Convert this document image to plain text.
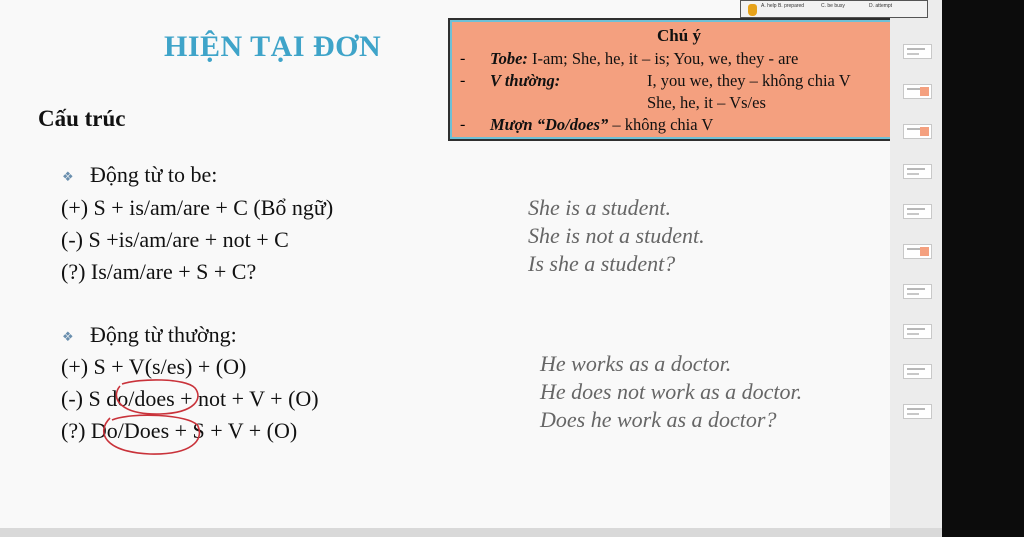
HIỆN TẠI ĐƠN
Cấu trúc
Chú ý
- Tobe: I-am; She, he, it – is; You, we, they - are
- V thường:	I, you we, they – không chia V
She, he, it – Vs/es
- Mượn “Do/does” – không chia V
❖ Động từ to be:
(+) S + is/am/are + C (Bổ ngữ)
(-) S +is/am/are + not + C
(?) Is/am/are + S + C?
She is a student.
She is not a student.
Is she a student?
❖ Động từ thường:
(+) S + V(s/es) + (O)
(-) S do/does + not + V + (O)
(?) Do/Does + S + V + (O)
He works as a doctor.
He does not work as a doctor.
Does he work as a doctor?
A. help B. prepared	C. be busy	D. attempt
